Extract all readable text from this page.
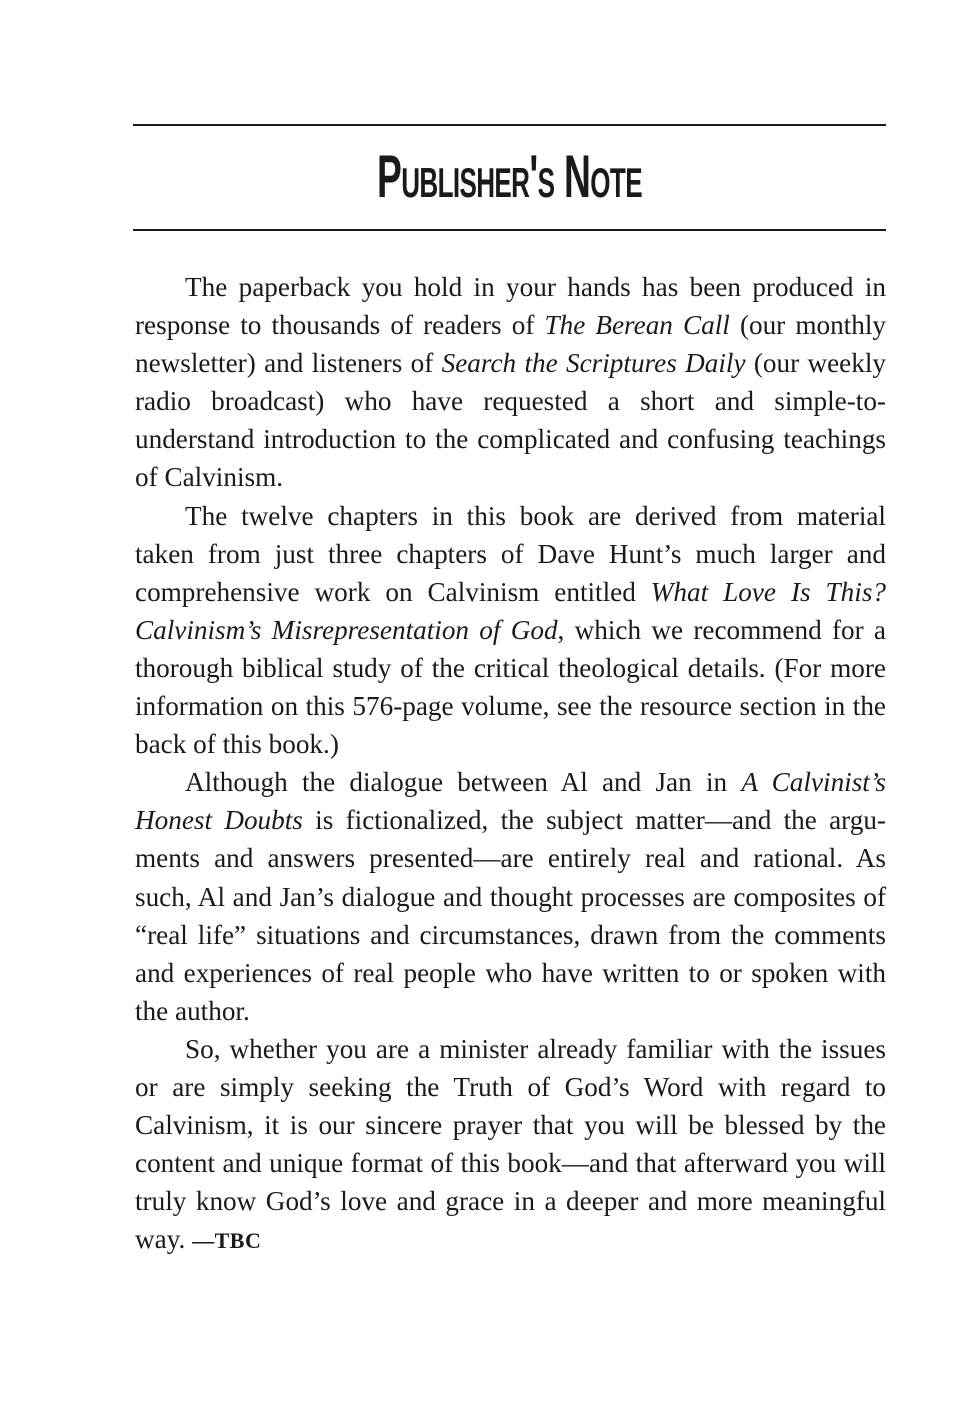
Publisher's Note

The paperback you hold in your hands has been produced in response to thousands of readers of The Berean Call (our monthly newsletter) and listeners of Search the Scriptures Daily (our weekly radio broadcast) who have requested a short and simple-to-understand introduction to the complicated and confusing teachings of Calvinism.

The twelve chapters in this book are derived from material taken from just three chapters of Dave Hunt’s much larger and comprehensive work on Calvinism entitled What Love Is This? Calvinism’s Misrepresentation of God, which we recommend for a thorough biblical study of the critical theological details. (For more information on this 576-page volume, see the resource section in the back of this book.)

Although the dialogue between Al and Jan in A Calvinist’s Honest Doubts is fictionalized, the subject matter—and the arguments and answers presented—are entirely real and rational. As such, Al and Jan’s dialogue and thought processes are composites of “real life” situations and circumstances, drawn from the comments and experiences of real people who have written to or spoken with the author.

So, whether you are a minister already familiar with the issues or are simply seeking the Truth of God’s Word with regard to Calvinism, it is our sincere prayer that you will be blessed by the content and unique format of this book—and that afterward you will truly know God’s love and grace in a deeper and more meaningful way. —TBC
